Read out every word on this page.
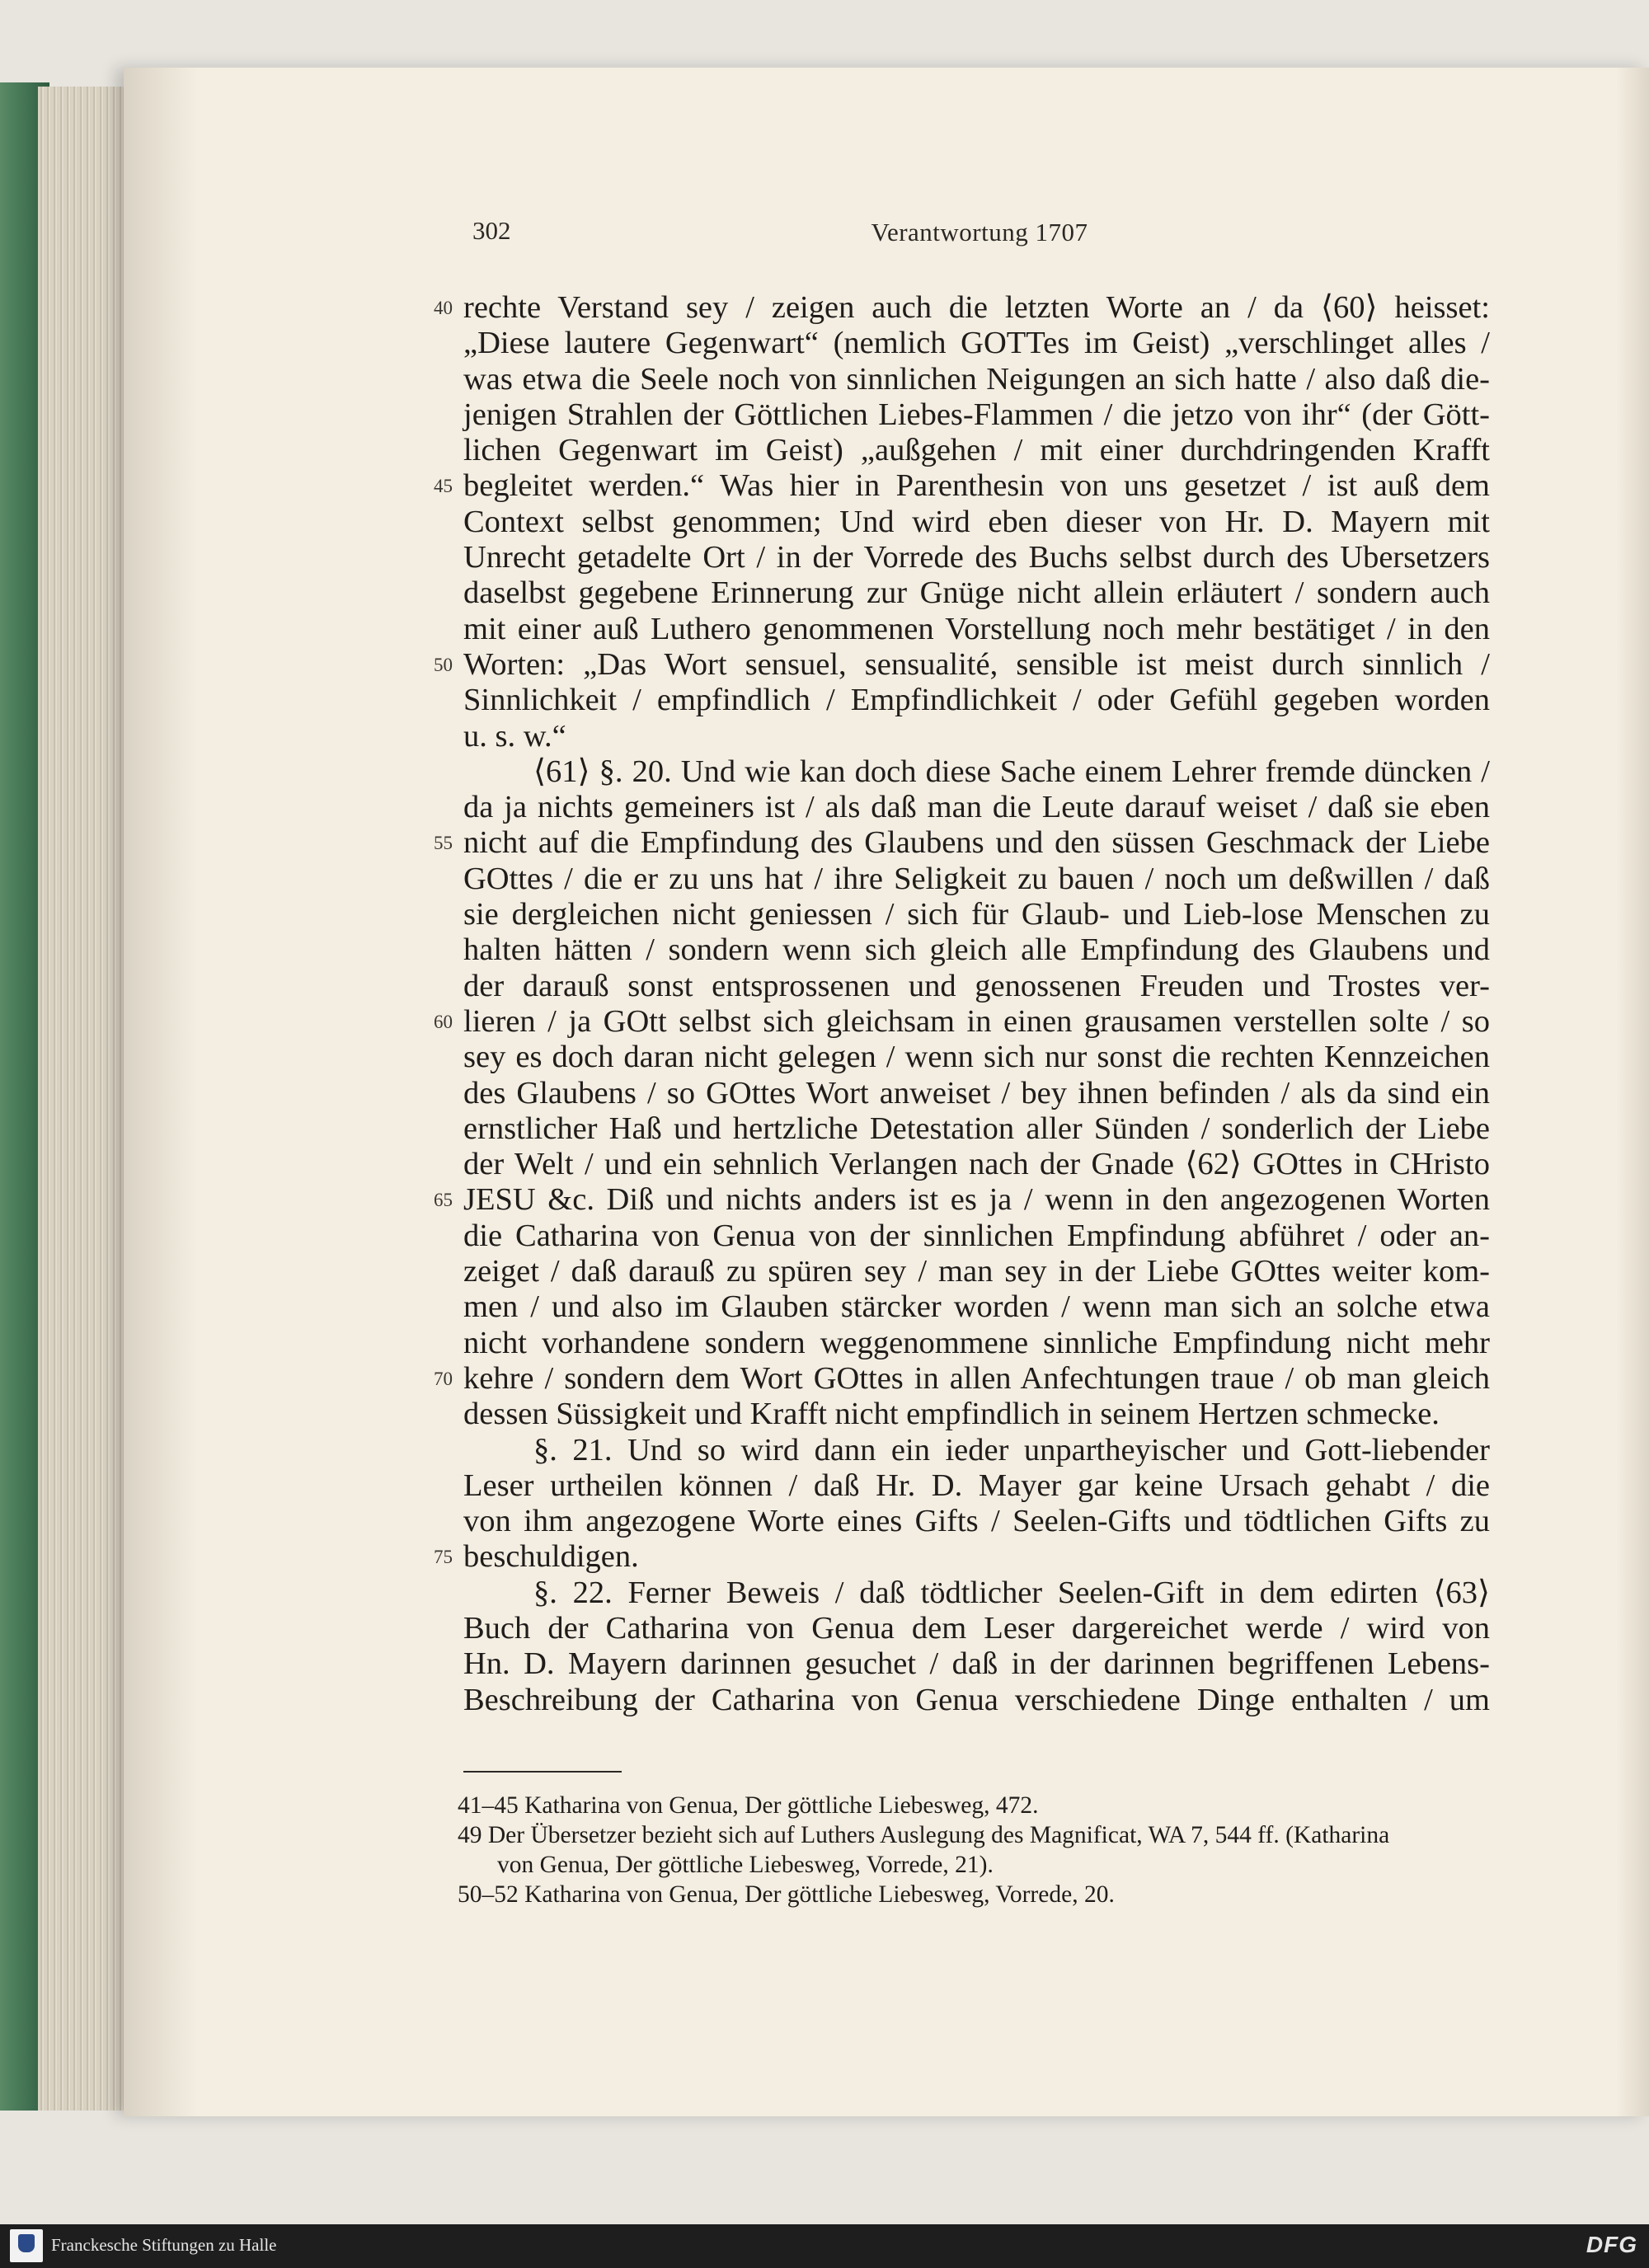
302	Verantwortung 1707
40 rechte Verstand sey / zeigen auch die letzten Worte an / da ⟨60⟩ heisset:
„Diese lautere Gegenwart“ (nemlich GOTTes im Geist) „verschlinget alles /
was etwa die Seele noch von sinnlichen Neigungen an sich hatte / also daß die-
jenigen Strahlen der Göttlichen Liebes-Flammen / die jetzo von ihr“ (der Gött-
lichen Gegenwart im Geist) „außgehen / mit einer durchdringenden Krafft
45 begleitet werden.“ Was hier in Parenthesin von uns gesetzet / ist auß dem
Context selbst genommen; Und wird eben dieser von Hr. D. Mayern mit
Unrecht getadelte Ort / in der Vorrede des Buchs selbst durch des Ubersetzers
daselbst gegebene Erinnerung zur Gnüge nicht allein erläutert / sondern auch
mit einer auß Luthero genommenen Vorstellung noch mehr bestätiget / in den
50 Worten: „Das Wort sensuel, sensualité, sensible ist meist durch sinnlich /
Sinnlichkeit / empfindlich / Empfindlichkeit / oder Gefühl gegeben worden
u. s. w.“
⟨61⟩ §. 20. Und wie kan doch diese Sache einem Lehrer fremde düncken /
da ja nichts gemeiners ist / als daß man die Leute darauf weiset / daß sie eben
55 nicht auf die Empfindung des Glaubens und den süssen Geschmack der Liebe
GOttes / die er zu uns hat / ihre Seligkeit zu bauen / noch um deßwillen / daß
sie dergleichen nicht geniessen / sich für Glaub- und Lieb-lose Menschen zu
halten hätten / sondern wenn sich gleich alle Empfindung des Glaubens und
der darauß sonst entsprossenen und genossenen Freuden und Trostes ver-
60 lieren / ja GOtt selbst sich gleichsam in einen grausamen verstellen solte / so
sey es doch daran nicht gelegen / wenn sich nur sonst die rechten Kennzeichen
des Glaubens / so GOttes Wort anweiset / bey ihnen befinden / als da sind ein
ernstlicher Haß und hertzliche Detestation aller Sünden / sonderlich der Liebe
der Welt / und ein sehnlich Verlangen nach der Gnade ⟨62⟩ GOttes in CHristo
65 JESU &c. Diß und nichts anders ist es ja / wenn in den angezogenen Worten
die Catharina von Genua von der sinnlichen Empfindung abführet / oder an-
zeiget / daß darauß zu spüren sey / man sey in der Liebe GOttes weiter kom-
men / und also im Glauben stärcker worden / wenn man sich an solche etwa
nicht vorhandene sondern weggenommene sinnliche Empfindung nicht mehr
70 kehre / sondern dem Wort GOttes in allen Anfechtungen traue / ob man gleich
dessen Süssigkeit und Krafft nicht empfindlich in seinem Hertzen schmecke.
§. 21. Und so wird dann ein ieder unpartheyischer und Gott-liebender
Leser urtheilen können / daß Hr. D. Mayer gar keine Ursach gehabt / die
von ihm angezogene Worte eines Gifts / Seelen-Gifts und tödtlichen Gifts zu
75 beschuldigen.
§. 22. Ferner Beweis / daß tödtlicher Seelen-Gift in dem edirten ⟨63⟩
Buch der Catharina von Genua dem Leser dargereichet werde / wird von
Hn. D. Mayern darinnen gesuchet / daß in der darinnen begriffenen Lebens-
Beschreibung der Catharina von Genua verschiedene Dinge enthalten / um
41–45 Katharina von Genua, Der göttliche Liebesweg, 472.
49 Der Übersetzer bezieht sich auf Luthers Auslegung des Magnificat, WA 7, 544 ff. (Katharina
von Genua, Der göttliche Liebesweg, Vorrede, 21).
50–52 Katharina von Genua, Der göttliche Liebesweg, Vorrede, 20.
Franckesche Stiftungen zu Halle	DFG
